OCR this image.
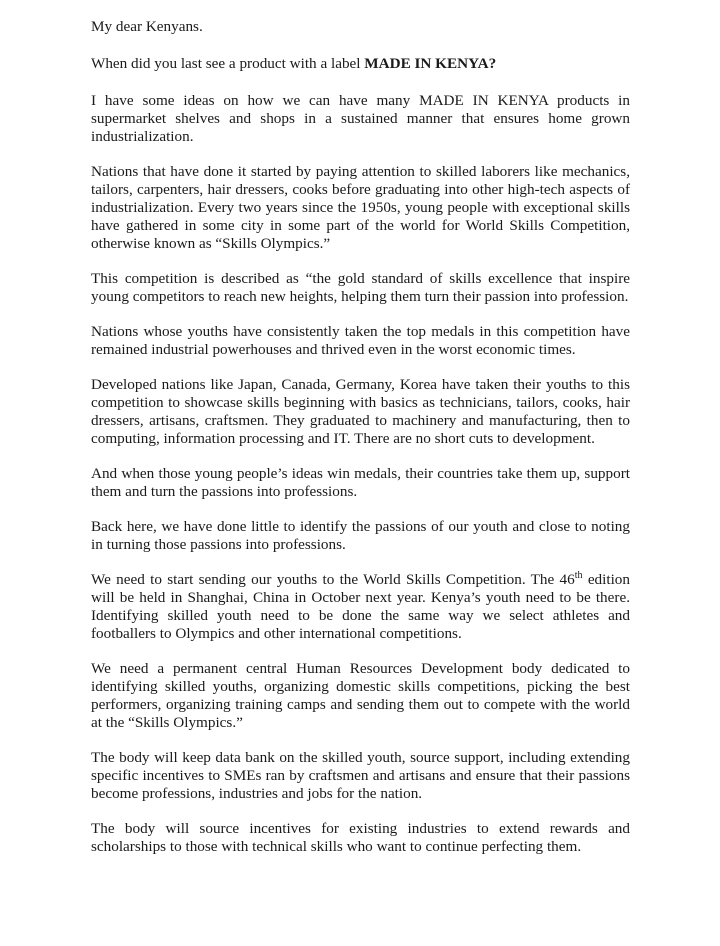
My dear Kenyans.

When did you last see a product with a label MADE IN KENYA?

I have some ideas on how we can have many MADE IN KENYA products in supermarket shelves and shops in a sustained manner that ensures home grown industrialization.

Nations that have done it started by paying attention to skilled laborers like mechanics, tailors, carpenters, hair dressers, cooks before graduating into other high-tech aspects of industrialization. Every two years since the 1950s, young people with exceptional skills have gathered in some city in some part of the world for World Skills Competition, otherwise known as “Skills Olympics.”

This competition is described as “the gold standard of skills excellence that inspire young competitors to reach new heights, helping them turn their passion into profession.

Nations whose youths have consistently taken the top medals in this competition have remained industrial powerhouses and thrived even in the worst economic times.

Developed nations like Japan, Canada, Germany, Korea have taken their youths to this competition to showcase skills beginning with basics as technicians, tailors, cooks, hair dressers, artisans, craftsmen. They graduated to machinery and manufacturing, then to computing, information processing and IT. There are no short cuts to development.

And when those young people’s ideas win medals, their countries take them up, support them and turn the passions into professions.

Back here, we have done little to identify the passions of our youth and close to noting in turning those passions into professions.

We need to start sending our youths to the World Skills Competition. The 46th edition will be held in Shanghai, China in October next year. Kenya’s youth need to be there. Identifying skilled youth need to be done the same way we select athletes and footballers to Olympics and other international competitions.

We need a permanent central Human Resources Development body dedicated to identifying skilled youths, organizing domestic skills competitions, picking the best performers, organizing training camps and sending them out to compete with the world at the “Skills Olympics.”

The body will keep data bank on the skilled youth, source support, including extending specific incentives to SMEs ran by craftsmen and artisans and ensure that their passions become professions, industries and jobs for the nation.

The body will source incentives for existing industries to extend rewards and scholarships to those with technical skills who want to continue perfecting them.
